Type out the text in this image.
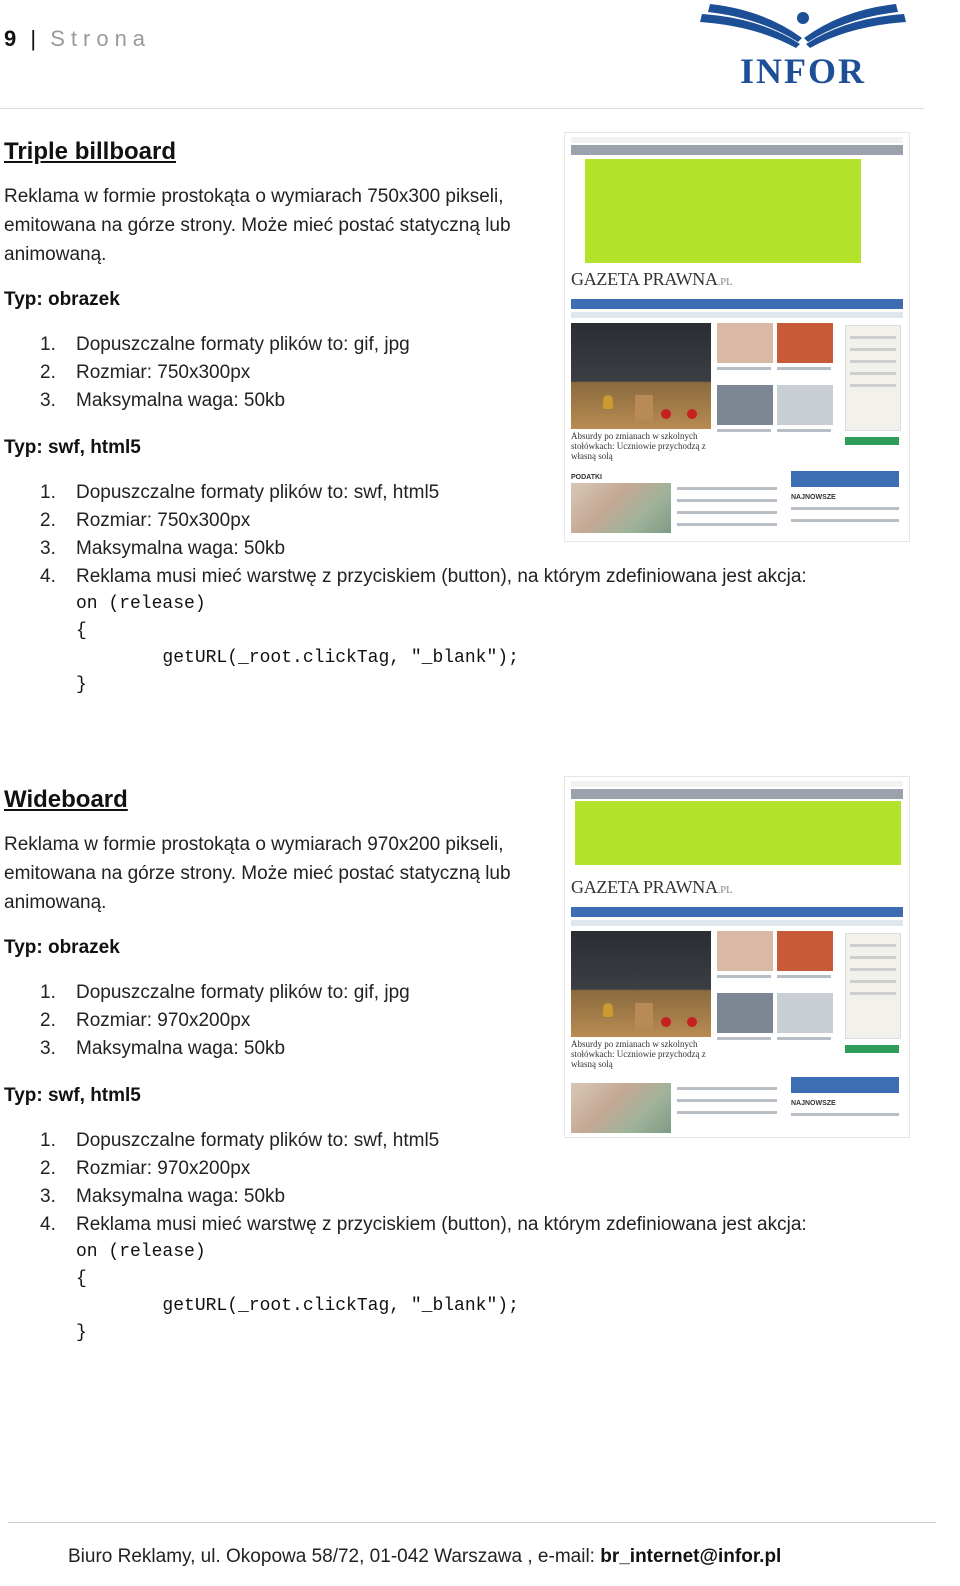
9 | Strona
INFOR
Triple billboard

Reklama w formie prostokąta o wymiarach 750x300 pikseli, emitowana na górze strony. Może mieć postać statyczną lub animowaną.

Typ: obrazek

1. Dopuszczalne formaty plików to: gif, jpg
2. Rozmiar: 750x300px
3. Maksymalna waga: 50kb

Typ: swf, html5

1. Dopuszczalne formaty plików to: swf, html5
2. Rozmiar: 750x300px
3. Maksymalna waga: 50kb
4. Reklama musi mieć warstwę z przyciskiem (button), na którym zdefiniowana jest akcja:
on (release)
{
getURL(_root.clickTag, "_blank");
}
GAZETA PRAWNA.PL
Absurdy po zmianach w szkolnych stołówkach: Uczniowie przychodzą z własną solą
PODATKI
NAJNOWSZE
Wideboard

Reklama w formie prostokąta o wymiarach 970x200 pikseli, emitowana na górze strony. Może mieć postać statyczną lub animowaną.

Typ: obrazek

1. Dopuszczalne formaty plików to: gif, jpg
2. Rozmiar: 970x200px
3. Maksymalna waga: 50kb

Typ: swf, html5

1. Dopuszczalne formaty plików to: swf, html5
2. Rozmiar: 970x200px
3. Maksymalna waga: 50kb
4. Reklama musi mieć warstwę z przyciskiem (button), na którym zdefiniowana jest akcja:
on (release)
{
getURL(_root.clickTag, "_blank");
}
GAZETA PRAWNA.PL
Absurdy po zmianach w szkolnych stołówkach: Uczniowie przychodzą z własną solą
NAJNOWSZE
Biuro Reklamy, ul. Okopowa 58/72, 01-042 Warszawa , e-mail: br_internet@infor.pl
